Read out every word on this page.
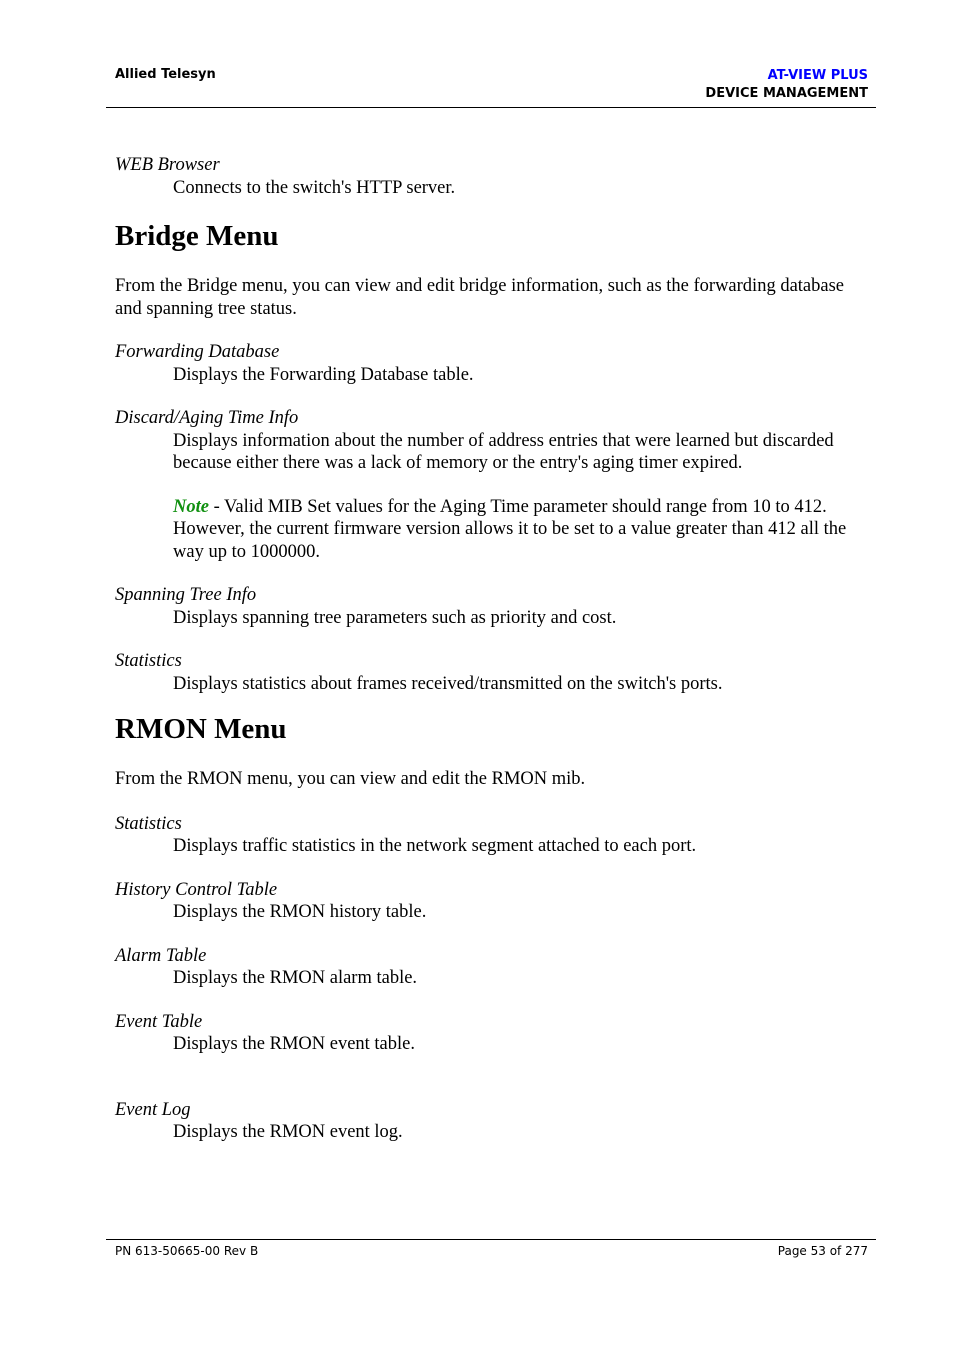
Allied Telesyn	AT-VIEW PLUS
DEVICE MANAGEMENT
WEB Browser
Connects to the switch's HTTP server.
Bridge Menu

From the Bridge menu, you can view and edit bridge information, such as the forwarding database and spanning tree status.

Forwarding Database
Displays the Forwarding Database table.
Discard/Aging Time Info
Displays information about the number of address entries that were learned but discarded because either there was a lack of memory or the entry's aging timer expired.
Note - Valid MIB Set values for the Aging Time parameter should range from 10 to 412. However, the current firmware version allows it to be set to a value greater than 412 all the way up to 1000000.
Spanning Tree Info
Displays spanning tree parameters such as priority and cost.
Statistics
Displays statistics about frames received/transmitted on the switch's ports.
RMON Menu

From the RMON menu, you can view and edit the RMON mib.

Statistics
Displays traffic statistics in the network segment attached to each port.
History Control Table
Displays the RMON history table.
Alarm Table
Displays the RMON alarm table.
Event Table
Displays the RMON event table.
Event Log
Displays the RMON event log.
PN 613-50665-00 Rev B	Page 53 of 277
